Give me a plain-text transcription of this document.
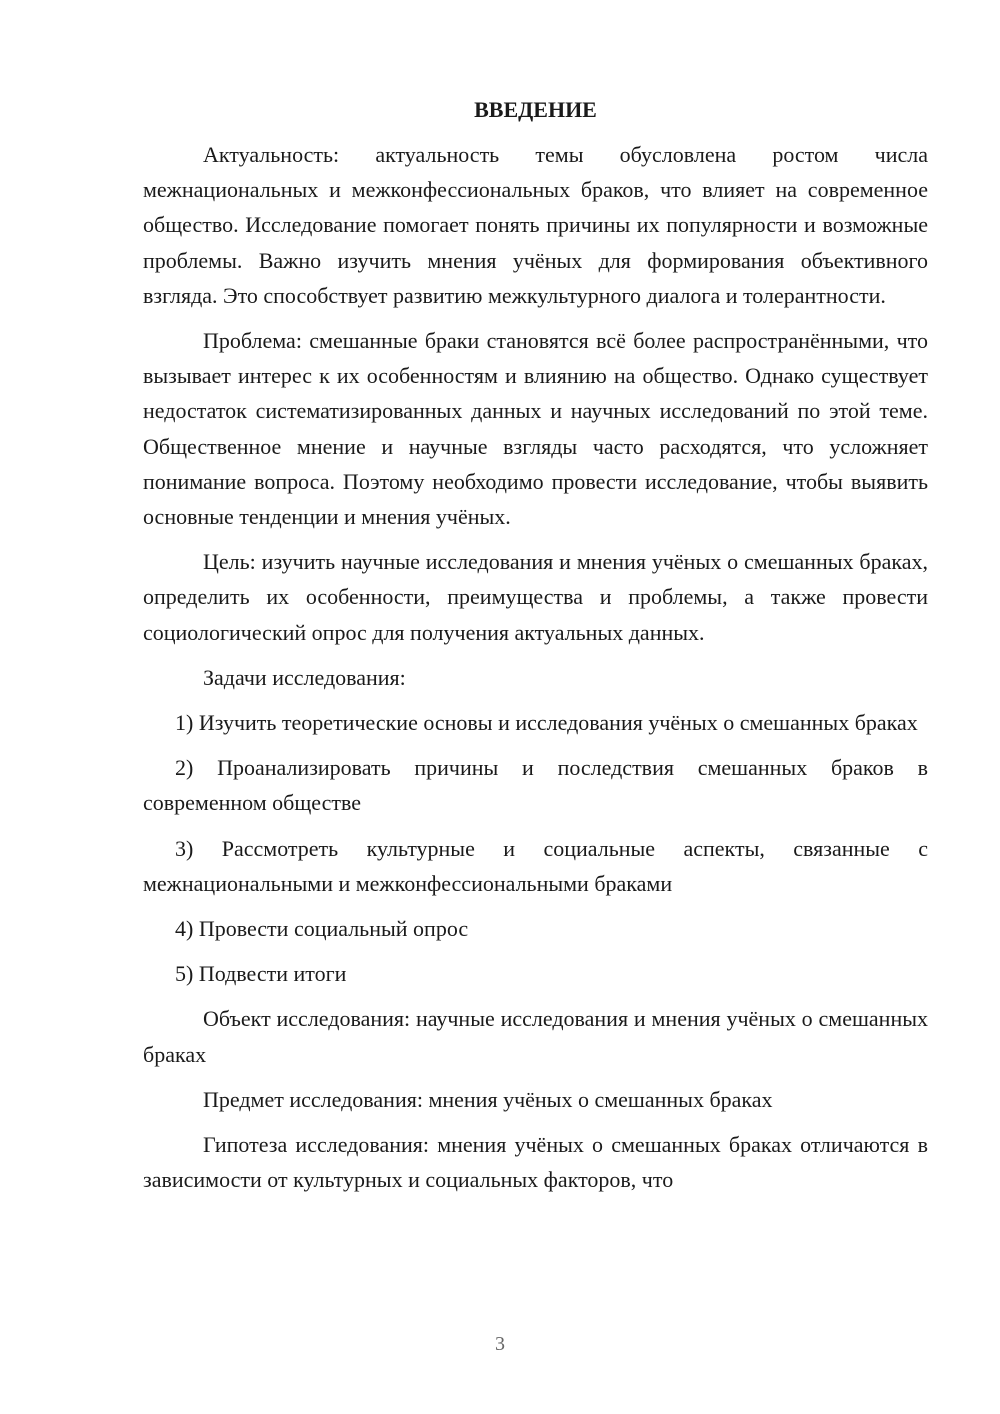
ВВЕДЕНИЕ

Актуальность: актуальность темы обусловлена ростом числа межнациональных и межконфессиональных браков, что влияет на современное общество. Исследование помогает понять причины их популярности и возможные проблемы. Важно изучить мнения учёных для формирования объективного взгляда. Это способствует развитию межкультурного диалога и толерантности.

Проблема: смешанные браки становятся всё более распространёнными, что вызывает интерес к их особенностям и влиянию на общество. Однако существует недостаток систематизированных данных и научных исследований по этой теме. Общественное мнение и научные взгляды часто расходятся, что усложняет понимание вопроса. Поэтому необходимо провести исследование, чтобы выявить основные тенденции и мнения учёных.

Цель: изучить научные исследования и мнения учёных о смешанных браках, определить их особенности, преимущества и проблемы, а также провести социологический опрос для получения актуальных данных.

Задачи исследования:

1) Изучить теоретические основы и исследования учёных о смешанных браках

2) Проанализировать причины и последствия смешанных браков в современном обществе

3) Рассмотреть культурные и социальные аспекты, связанные с межнациональными и межконфессиональными браками

4) Провести социальный опрос

5) Подвести итоги

Объект исследования: научные исследования и мнения учёных о смешанных браках

Предмет исследования: мнения учёных о смешанных браках

Гипотеза исследования: мнения учёных о смешанных браках отличаются в зависимости от культурных и социальных факторов, что

3
